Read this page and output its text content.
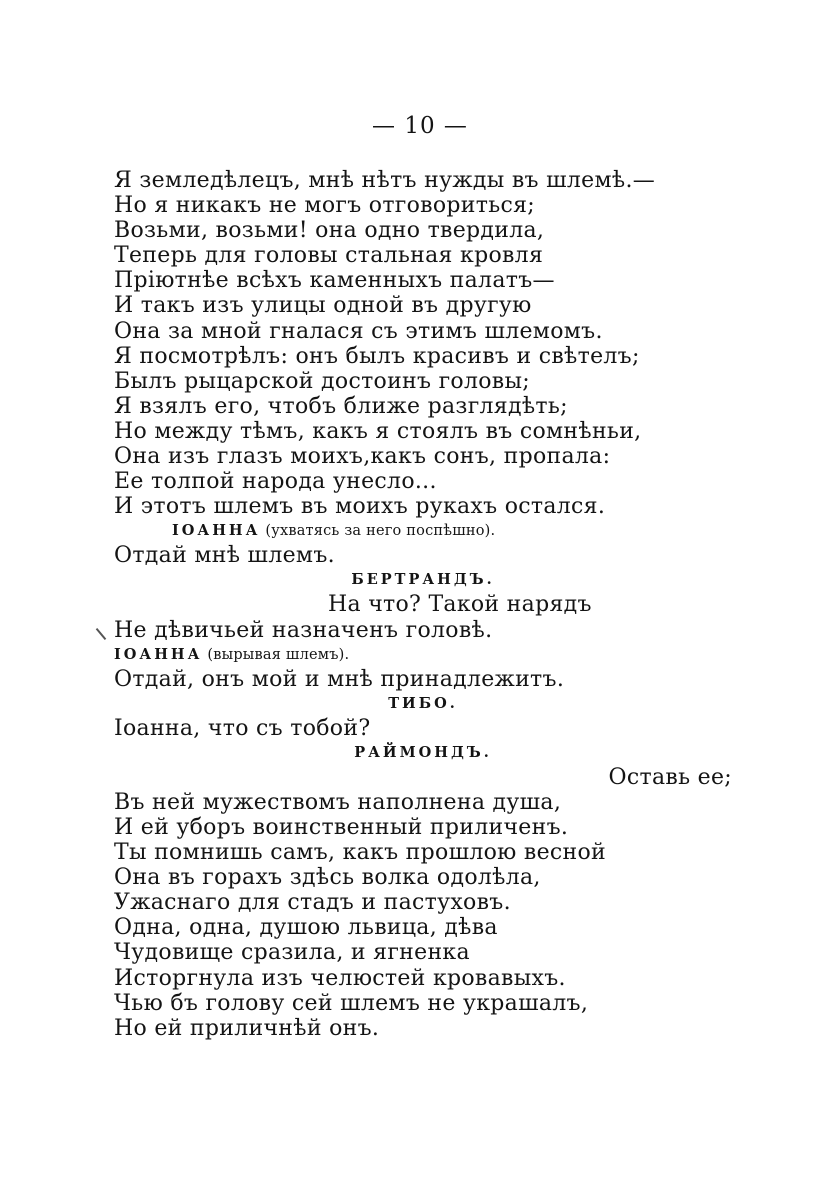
— 10 —
Я земледѣлецъ, мнѣ нѣтъ нужды въ шлемѣ.—
Но я никакъ не могъ отговориться;
Возьми, возьми! она одно твердила,
Теперь для головы стальная кровля
Пріютнѣе всѣхъ каменныхъ палатъ—
И такъ изъ улицы одной въ другую
Она за мной гналася съ этимъ шлемомъ.
Я посмотрѣлъ: онъ былъ красивъ и свѣтелъ;
Былъ рыцарской достоинъ головы;
Я взялъ его, чтобъ ближе разглядѣть;
Но между тѣмъ, какъ я стоялъ въ сомнѣньи,
Она изъ глазъ моихъ,какъ сонъ, пропала:
Ее толпой народа унесло...
И этотъ шлемъ въ моихъ рукахъ остался.
ІОАННА (ухватясь за него поспѣшно).
Отдай мнѣ шлемъ.
БЕРТРАНДЪ.
На что? Такой нарядъ
Не дѣвичьей назначенъ головѣ.
ІОАННА (вырывая шлемъ).
Отдай, онъ мой и мнѣ принадлежитъ.
ТИБО.
Іоанна, что съ тобой?
РАЙМОНДЪ.
Оставь ее;
Въ ней мужествомъ наполнена душа,
И ей уборъ воинственный приличенъ.
Ты помнишь самъ, какъ прошлою весной
Она въ горахъ здѣсь волка одолѣла,
Ужаснаго для стадъ и пастуховъ.
Одна, одна, душою львица, дѣва
Чудовище сразила, и ягненка
Исторгнула изъ челюстей кровавыхъ.
Чью бъ голову сей шлемъ не украшалъ,
Но ей приличнѣй онъ.
